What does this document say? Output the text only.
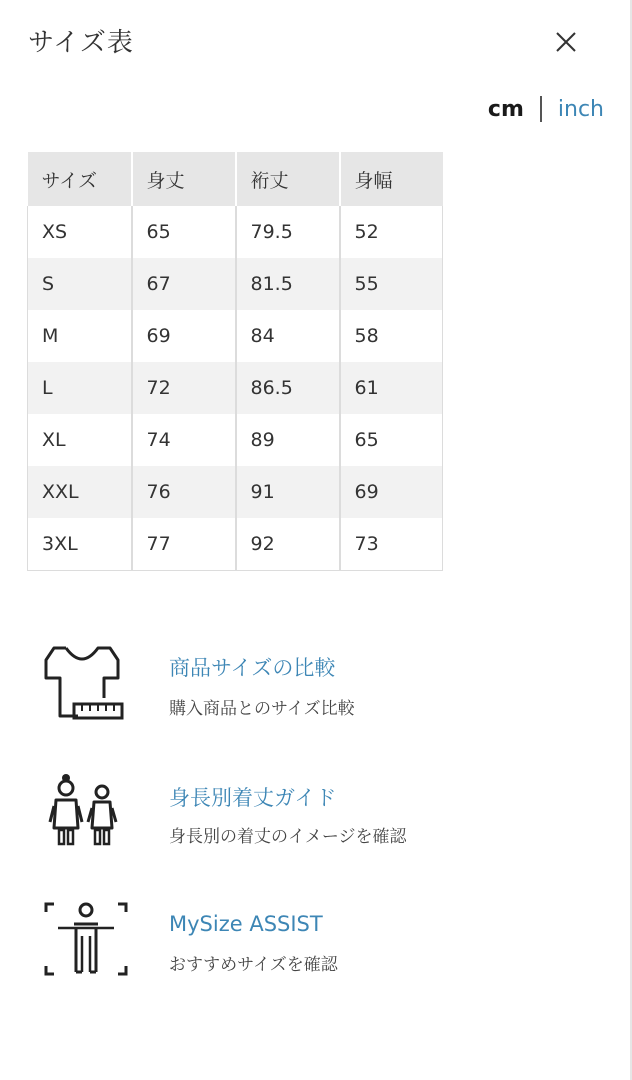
サイズ表
cm inch
サイズ	身丈	裄丈	身幅
XS	65	79.5	52
S	67	81.5	55
M	69	84	58
L	72	86.5	61
XL	74	89	65
XXL	76	91	69
3XL	77	92	73
商品サイズの比較
購入商品とのサイズ比較
身長別着丈ガイド
身長別の着丈のイメージを確認
MySize ASSIST
おすすめサイズを確認
